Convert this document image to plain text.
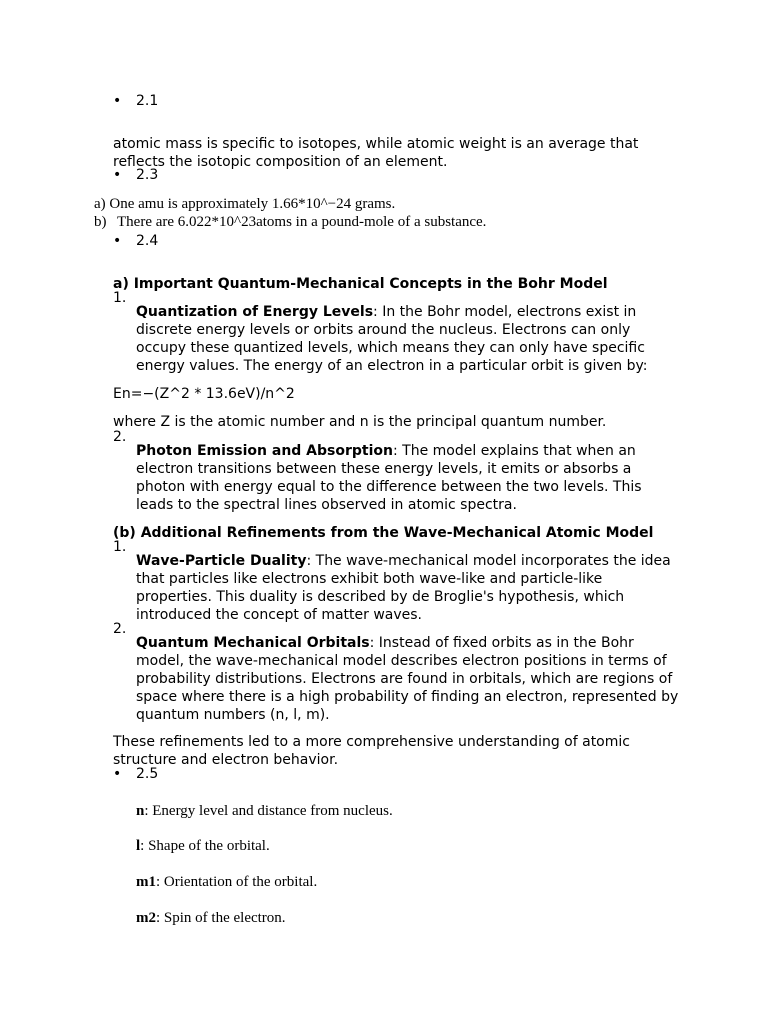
• 2.1

atomic mass is specific to isotopes, while atomic weight is an average that reflects the isotopic composition of an element.

• 2.3

a) One amu is approximately 1.66*10^−24 grams.

b) There are 6.022*10^23atoms in a pound-mole of a substance.
• 2.4

a) Important Quantum-Mechanical Concepts in the Bohr Model

1.

Quantization of Energy Levels: In the Bohr model, electrons exist in discrete energy levels or orbits around the nucleus. Electrons can only occupy these quantized levels, which means they can only have specific energy values. The energy of an electron in a particular orbit is given by:

En=−(Z^2 * 13.6eV)/n^2

where Z is the atomic number and n is the principal quantum number.

2.

Photon Emission and Absorption: The model explains that when an electron transitions between these energy levels, it emits or absorbs a photon with energy equal to the difference between the two levels. This leads to the spectral lines observed in atomic spectra.

(b) Additional Refinements from the Wave-Mechanical Atomic Model

1.

Wave-Particle Duality: The wave-mechanical model incorporates the idea that particles like electrons exhibit both wave-like and particle-like properties. This duality is described by de Broglie's hypothesis, which introduced the concept of matter waves.

2.

Quantum Mechanical Orbitals: Instead of fixed orbits as in the Bohr model, the wave-mechanical model describes electron positions in terms of probability distributions. Electrons are found in orbitals, which are regions of space where there is a high probability of finding an electron, represented by quantum numbers (n, l, m).

These refinements led to a more comprehensive understanding of atomic structure and electron behavior.

• 2.5

n: Energy level and distance from nucleus.

l: Shape of the orbital.

m1: Orientation of the orbital.

m2: Spin of the electron.
